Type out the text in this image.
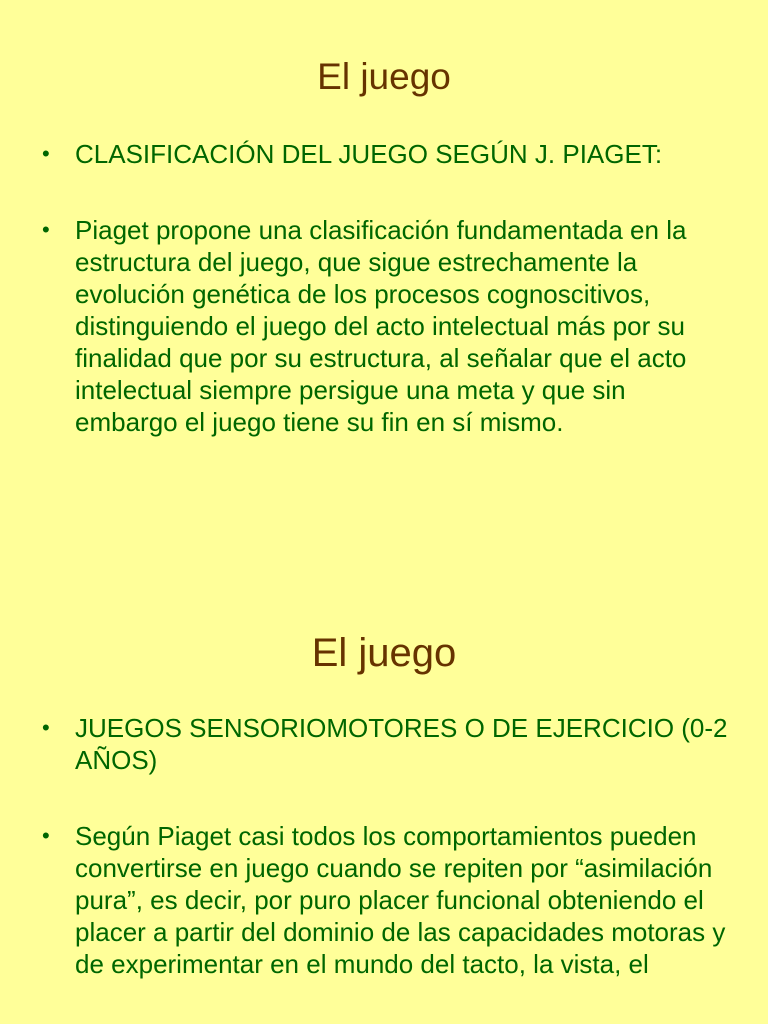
El juego
• CLASIFICACIÓN DEL JUEGO SEGÚN J. PIAGET:
• Piaget propone una clasificación fundamentada en la estructura del juego, que sigue estrechamente la evolución genética de los procesos cognoscitivos, distinguiendo el juego del acto intelectual más por su finalidad que por su estructura, al señalar que el acto intelectual siempre persigue una meta y que sin embargo el juego tiene su fin en sí mismo.
El juego
• JUEGOS SENSORIOMOTORES O DE EJERCICIO (0-2 AÑOS)
• Según Piaget casi todos los comportamientos pueden convertirse en juego cuando se repiten por “asimilación pura”, es decir, por puro placer funcional obteniendo el placer a partir del dominio de las capacidades motoras y de experimentar en el mundo del tacto, la vista, el
